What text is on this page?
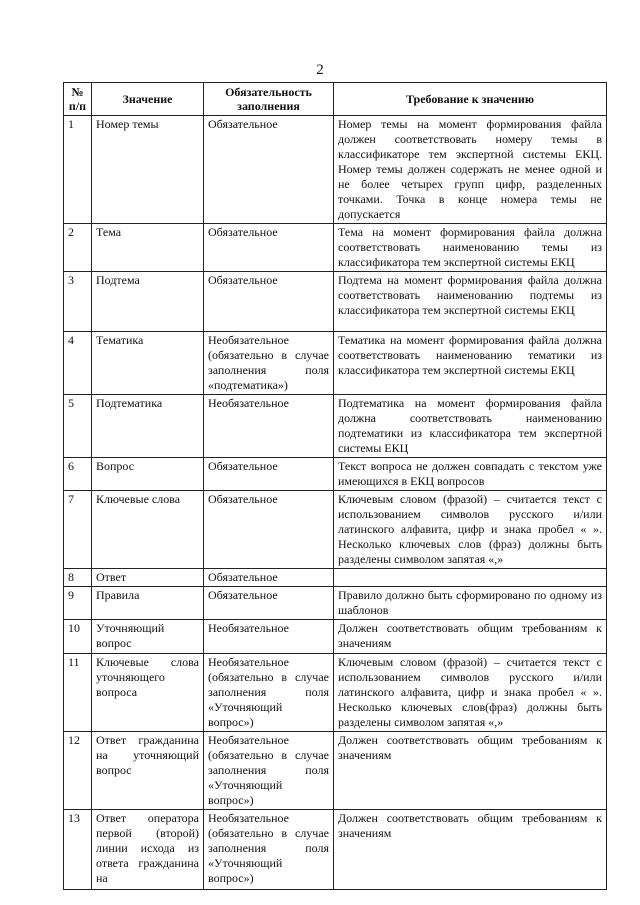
2
№ п/п	Значение	Обязательность заполнения	Требование к значению
1	Номер темы	Обязательное	Номер темы на момент формирования файла должен соответствовать номеру темы в классификаторе тем экспертной системы ЕКЦ. Номер темы должен содержать не менее одной и не более четырех групп цифр, разделенных точками. Точка в конце номера темы не допускается
2	Тема	Обязательное	Тема на момент формирования файла должна соответствовать наименованию темы из классификатора тем экспертной системы ЕКЦ
3	Подтема	Обязательное	Подтема на момент формирования файла должна соответствовать наименованию подтемы из классификатора тем экспертной системы ЕКЦ
4	Тематика	Необязательное (обязательно в случае заполнения поля «подтематика»)	Тематика на момент формирования файла должна соответствовать наименованию тематики из классификатора тем экспертной системы ЕКЦ
5	Подтематика	Необязательное	Подтематика на момент формирования файла должна соответствовать наименованию подтематики из классификатора тем экспертной системы ЕКЦ
6	Вопрос	Обязательное	Текст вопроса не должен совпадать с текстом уже имеющихся в ЕКЦ вопросов
7	Ключевые слова	Обязательное	Ключевым словом (фразой) – считается текст с использованием символов русского и/или латинского алфавита, цифр и знака пробел « ». Несколько ключевых слов (фраз) должны быть разделены символом запятая «,»
8	Ответ	Обязательное	
9	Правила	Обязательное	Правило должно быть сформировано по одному из шаблонов
10	Уточняющий вопрос	Необязательное	Должен соответствовать общим требованиям к значениям
11	Ключевые слова уточняющего вопроса	Необязательное (обязательно в случае заполнения поля «Уточняющий вопрос»)	Ключевым словом (фразой) – считается текст с использованием символов русского и/или латинского алфавита, цифр и знака пробел « ». Несколько ключевых слов(фраз) должны быть разделены символом запятая «,»
12	Ответ гражданина на уточняющий вопрос	Необязательное (обязательно в случае заполнения поля «Уточняющий вопрос»)	Должен соответствовать общим требованиям к значениям
13	Ответ оператора первой (второй) линии исхода из ответа гражданина на	Необязательное (обязательно в случае заполнения поля «Уточняющий вопрос»)	Должен соответствовать общим требованиям к значениям
